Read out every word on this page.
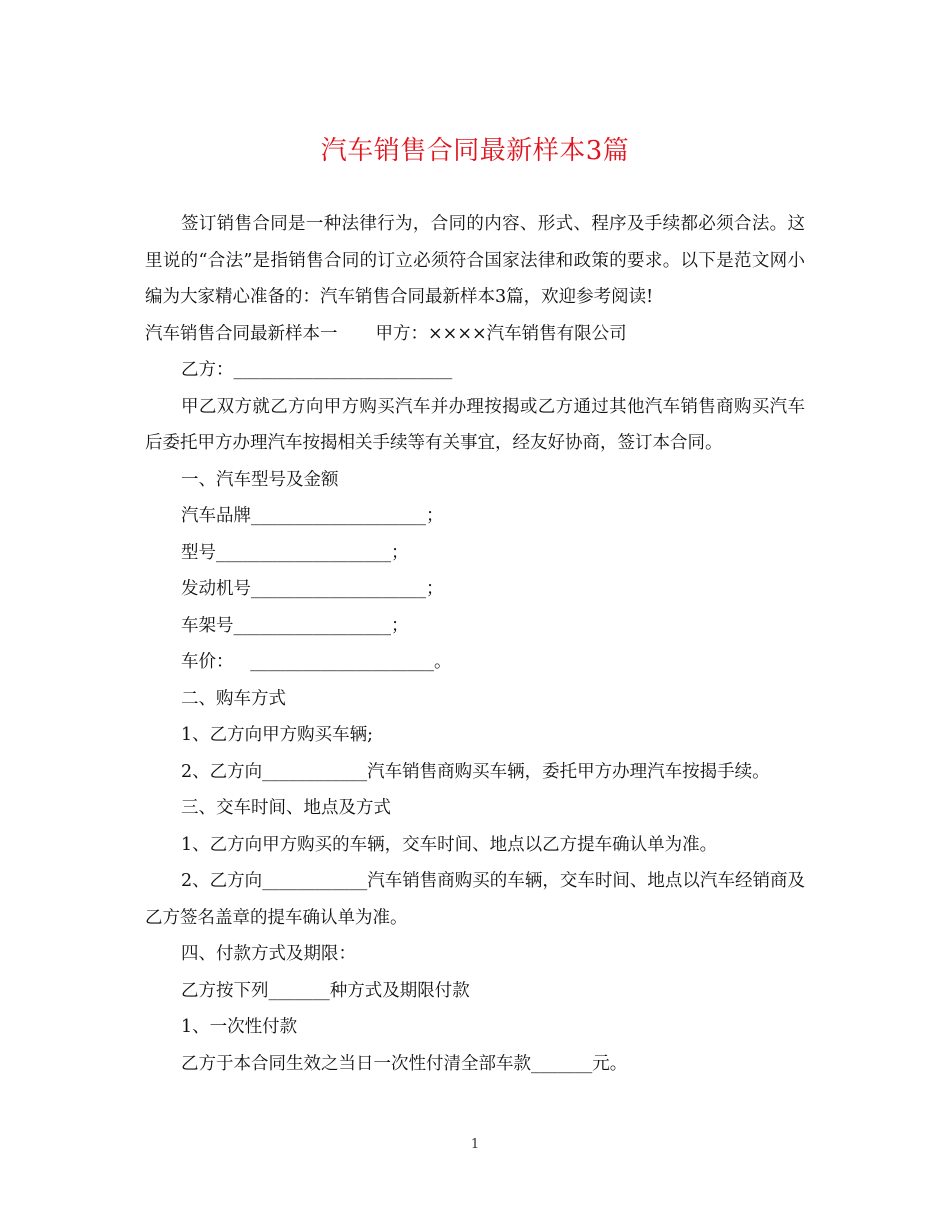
汽车销售合同最新样本3篇

签订销售合同是一种法律行为，合同的内容、形式、程序及手续都必须合法。这里说的“合法”是指销售合同的订立必须符合国家法律和政策的要求。以下是范文网小编为大家精心准备的：汽车销售合同最新样本3篇，欢迎参考阅读!

汽车销售合同最新样本一 甲方：××××汽车销售有限公司

乙方：_________________________

甲乙双方就乙方向甲方购买汽车并办理按揭或乙方通过其他汽车销售商购买汽车后委托甲方办理汽车按揭相关手续等有关事宜，经友好协商，签订本合同。

一、汽车型号及金额

汽车品牌____________________；

型号____________________；

发动机号____________________；

车架号__________________；

车价：   _____________________。

二、购车方式

1、乙方向甲方购买车辆;

2、乙方向____________汽车销售商购买车辆，委托甲方办理汽车按揭手续。

三、交车时间、地点及方式

1、乙方向甲方购买的车辆，交车时间、地点以乙方提车确认单为准。

2、乙方向____________汽车销售商购买的车辆，交车时间、地点以汽车经销商及乙方签名盖章的提车确认单为准。

四、付款方式及期限：

乙方按下列_______种方式及期限付款

1、一次性付款

乙方于本合同生效之当日一次性付清全部车款_______元。

1
